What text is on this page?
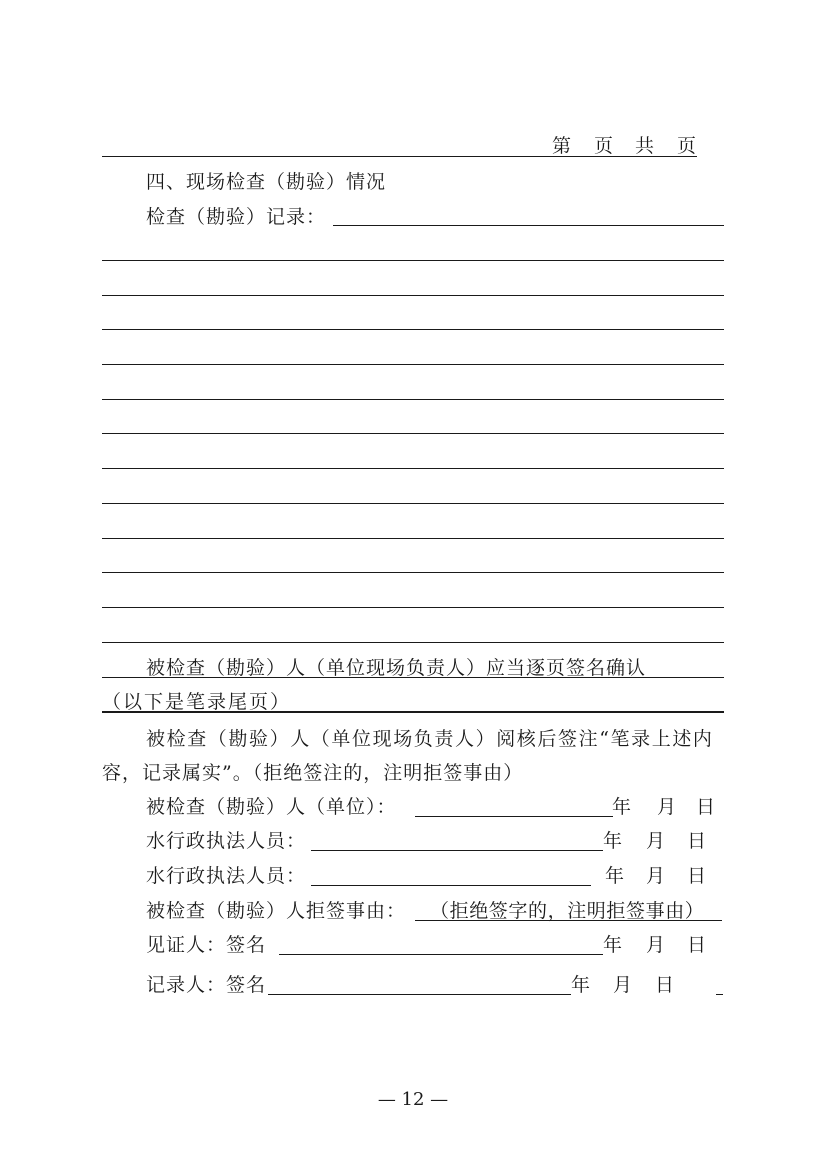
第 页 共 页
四、现场检查（勘验）情况
检查（勘验）记录：
被检查（勘验）人（单位现场负责人）应当逐页签名确认
（以下是笔录尾页）
被检查（勘验）人（单位现场负责人）阅核后签注“笔录上述内
容，记录属实”。（拒绝签注的，注明拒签事由）
被检查（勘验）人（单位）：	年 月 日
水行政执法人员：	年 月 日
水行政执法人员：	年 月 日
被检查（勘验）人拒签事由： （拒绝签字的，注明拒签事由）
见证人：签名	年 月 日
记录人：签名	年 月 日
— 12 —
